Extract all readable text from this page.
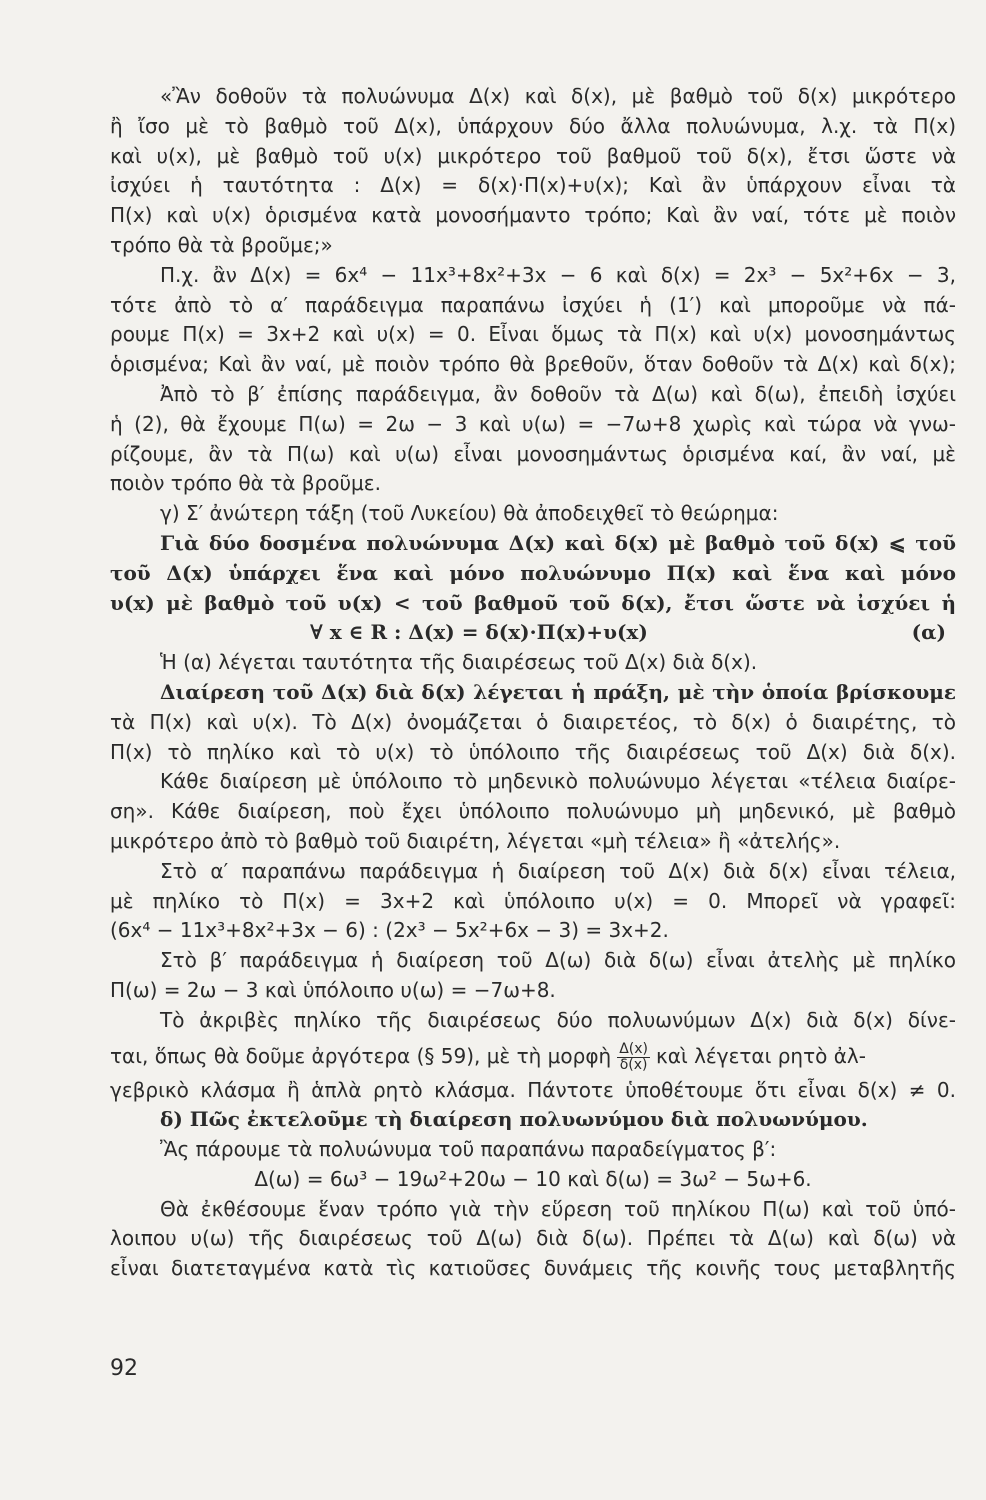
«Ἂν δοθοῦν τὰ πολυώνυμα Δ(x) καὶ δ(x), μὲ βαθμὸ τοῦ δ(x) μικρότερο
ἢ ἴσο μὲ τὸ βαθμὸ τοῦ Δ(x), ὑπάρχουν δύο ἄλλα πολυώνυμα, λ.χ. τὰ Π(x)
καὶ υ(x), μὲ βαθμὸ τοῦ υ(x) μικρότερο τοῦ βαθμοῦ τοῦ δ(x), ἔτσι ὥστε νὰ
ἰσχύει ἡ ταυτότητα : Δ(x) = δ(x)·Π(x)+υ(x); Καὶ ἂν ὑπάρχουν εἶναι τὰ
Π(x) καὶ υ(x) ὁρισμένα κατὰ μονοσήμαντο τρόπο; Καὶ ἂν ναί, τότε μὲ ποιὸν
τρόπο θὰ τὰ βροῦμε;»
Π.χ. ἂν Δ(x) = 6x⁴ − 11x³+8x²+3x − 6 καὶ δ(x) = 2x³ − 5x²+6x − 3,
τότε ἀπὸ τὸ α′ παράδειγμα παραπάνω ἰσχύει ἡ (1′) καὶ μποροῦμε νὰ πά-
ρουμε Π(x) = 3x+2 καὶ υ(x) = 0. Εἶναι ὅμως τὰ Π(x) καὶ υ(x) μονοσημάντως
ὁρισμένα; Καὶ ἂν ναί, μὲ ποιὸν τρόπο θὰ βρεθοῦν, ὅταν δοθοῦν τὰ Δ(x) καὶ δ(x);
Ἀπὸ τὸ β′ ἐπίσης παράδειγμα, ἂν δοθοῦν τὰ Δ(ω) καὶ δ(ω), ἐπειδὴ ἰσχύει
ἡ (2), θὰ ἔχουμε Π(ω) = 2ω − 3 καὶ υ(ω) = −7ω+8 χωρὶς καὶ τώρα νὰ γνω-
ρίζουμε, ἂν τὰ Π(ω) καὶ υ(ω) εἶναι μονοσημάντως ὁρισμένα καί, ἂν ναί, μὲ
ποιὸν τρόπο θὰ τὰ βροῦμε.
γ) Σ′ ἀνώτερη τάξη (τοῦ Λυκείου) θὰ ἀποδειχθεῖ τὸ θεώρημα:
Γιὰ δύο δοσμένα πολυώνυμα Δ(x) καὶ δ(x) μὲ βαθμὸ τοῦ δ(x) ⩽ τοῦ
τοῦ Δ(x) ὑπάρχει ἕνα καὶ μόνο πολυώνυμο Π(x) καὶ ἕνα καὶ μόνο
υ(x) μὲ βαθμὸ τοῦ υ(x) < τοῦ βαθμοῦ τοῦ δ(x), ἔτσι ὥστε νὰ ἰσχύει ἡ
∀ x ∈ R : Δ(x) = δ(x)·Π(x)+υ(x)	(α)
Ἡ (α) λέγεται ταυτότητα τῆς διαιρέσεως τοῦ Δ(x) διὰ δ(x).
Διαίρεση τοῦ Δ(x) διὰ δ(x) λέγεται ἡ πράξη, μὲ τὴν ὁποία βρίσκουμε
τὰ Π(x) καὶ υ(x). Τὸ Δ(x) ὀνομάζεται ὁ διαιρετέος, τὸ δ(x) ὁ διαιρέτης, τὸ
Π(x) τὸ πηλίκο καὶ τὸ υ(x) τὸ ὑπόλοιπο τῆς διαιρέσεως τοῦ Δ(x) διὰ δ(x).
Κάθε διαίρεση μὲ ὑπόλοιπο τὸ μηδενικὸ πολυώνυμο λέγεται «τέλεια διαίρε-
ση». Κάθε διαίρεση, ποὺ ἔχει ὑπόλοιπο πολυώνυμο μὴ μηδενικό, μὲ βαθμὸ
μικρότερο ἀπὸ τὸ βαθμὸ τοῦ διαιρέτη, λέγεται «μὴ τέλεια» ἢ «ἀτελής».
Στὸ α′ παραπάνω παράδειγμα ἡ διαίρεση τοῦ Δ(x) διὰ δ(x) εἶναι τέλεια,
μὲ πηλίκο τὸ Π(x) = 3x+2 καὶ ὑπόλοιπο υ(x) = 0. Μπορεῖ νὰ γραφεῖ:
(6x⁴ − 11x³+8x²+3x − 6) : (2x³ − 5x²+6x − 3) = 3x+2.
Στὸ β′ παράδειγμα ἡ διαίρεση τοῦ Δ(ω) διὰ δ(ω) εἶναι ἀτελὴς μὲ πηλίκο
Π(ω) = 2ω − 3 καὶ ὑπόλοιπο υ(ω) = −7ω+8.
Τὸ ἀκριβὲς πηλίκο τῆς διαιρέσεως δύο πολυωνύμων Δ(x) διὰ δ(x) δίνε-
ται, ὅπως θὰ δοῦμε ἀργότερα (§ 59), μὲ τὴ μορφὴ $\frac{\Delta(x)}{\delta(x)}$ καὶ λέγεται ρητὸ ἀλ-
γεβρικὸ κλάσμα ἢ ἁπλὰ ρητὸ κλάσμα. Πάντοτε ὑποθέτουμε ὅτι εἶναι δ(x) ≠ 0.
δ) Πῶς ἐκτελοῦμε τὴ διαίρεση πολυωνύμου διὰ πολυωνύμου.
Ἂς πάρουμε τὰ πολυώνυμα τοῦ παραπάνω παραδείγματος β′:
Δ(ω) = 6ω³ − 19ω²+20ω − 10 καὶ δ(ω) = 3ω² − 5ω+6.
Θὰ ἐκθέσουμε ἕναν τρόπο γιὰ τὴν εὕρεση τοῦ πηλίκου Π(ω) καὶ τοῦ ὑπό-
λοιπου υ(ω) τῆς διαιρέσεως τοῦ Δ(ω) διὰ δ(ω). Πρέπει τὰ Δ(ω) καὶ δ(ω) νὰ
εἶναι διατεταγμένα κατὰ τὶς κατιοῦσες δυνάμεις τῆς κοινῆς τους μεταβλητῆς
92
